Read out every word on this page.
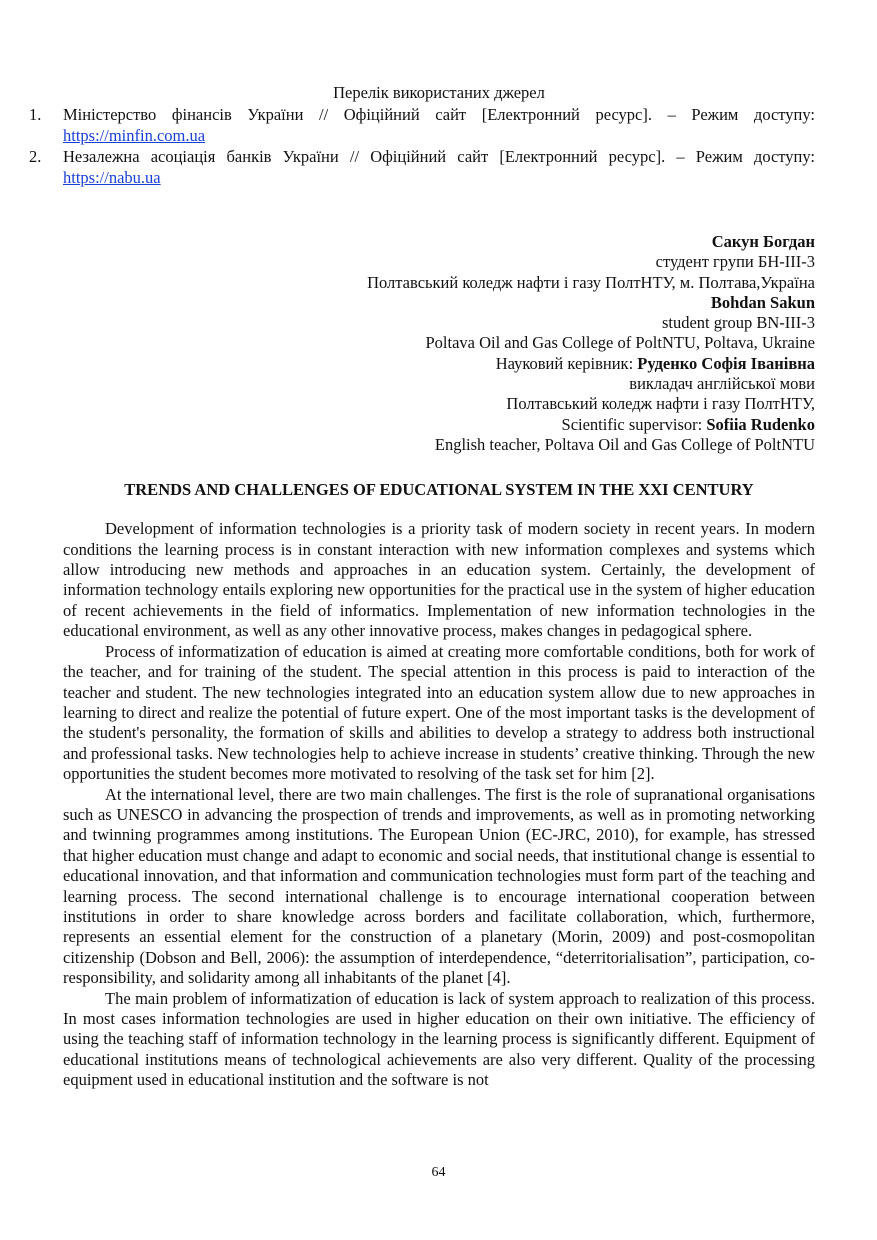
Перелік використаних джерел
1. Міністерство фінансів України // Офіційний сайт [Електронний ресурс]. – Режим доступу: https://minfin.com.ua
2. Незалежна асоціація банків України // Офіційний сайт [Електронний ресурс]. – Режим доступу: https://nabu.ua
Сакун Богдан
студент групи БН-ІІІ-3
Полтавський коледж нафти і газу ПолтНТУ, м. Полтава,Україна
Bohdan Sakun
student group BN-III-3
Poltava Oil and Gas College of PoltNTU, Poltava, Ukraine
Науковий керівник: Руденко Софія Іванівна
викладач англійської мови
Полтавський коледж нафти і газу ПолтНТУ,
Scientific supervisor: Sofiia Rudenko
English teacher, Poltava Oil and Gas College of PoltNTU
TRENDS AND CHALLENGES OF EDUCATIONAL SYSTEM IN THE XXI CENTURY

Development of information technologies is a priority task of modern society in recent years. In modern conditions the learning process is in constant interaction with new information complexes and systems which allow introducing new methods and approaches in an education system. Certainly, the development of information technology entails exploring new opportunities for the practical use in the system of higher education of recent achievements in the field of informatics. Implementation of new information technologies in the educational environment, as well as any other innovative process, makes changes in pedagogical sphere.

Process of informatization of education is aimed at creating more comfortable conditions, both for work of the teacher, and for training of the student. The special attention in this process is paid to interaction of the teacher and student. The new technologies integrated into an education system allow due to new approaches in learning to direct and realize the potential of future expert. One of the most important tasks is the development of the student's personality, the formation of skills and abilities to develop a strategy to address both instructional and professional tasks. New technologies help to achieve increase in students’ creative thinking. Through the new opportunities the student becomes more motivated to resolving of the task set for him [2].

At the international level, there are two main challenges. The first is the role of supranational organisations such as UNESCO in advancing the prospection of trends and improvements, as well as in promoting networking and twinning programmes among institutions. The European Union (EC-JRC, 2010), for example, has stressed that higher education must change and adapt to economic and social needs, that institutional change is essential to educational innovation, and that information and communication technologies must form part of the teaching and learning process. The second international challenge is to encourage international cooperation between institutions in order to share knowledge across borders and facilitate collaboration, which, furthermore, represents an essential element for the construction of a planetary (Morin, 2009) and post-cosmopolitan citizenship (Dobson and Bell, 2006): the assumption of interdependence, “deterritorialisation”, participation, co-responsibility, and solidarity among all inhabitants of the planet [4].

The main problem of informatization of education is lack of system approach to realization of this process. In most cases information technologies are used in higher education on their own initiative. The efficiency of using the teaching staff of information technology in the learning process is significantly different. Equipment of educational institutions means of technological achievements are also very different. Quality of the processing equipment used in educational institution and the software is not

64
